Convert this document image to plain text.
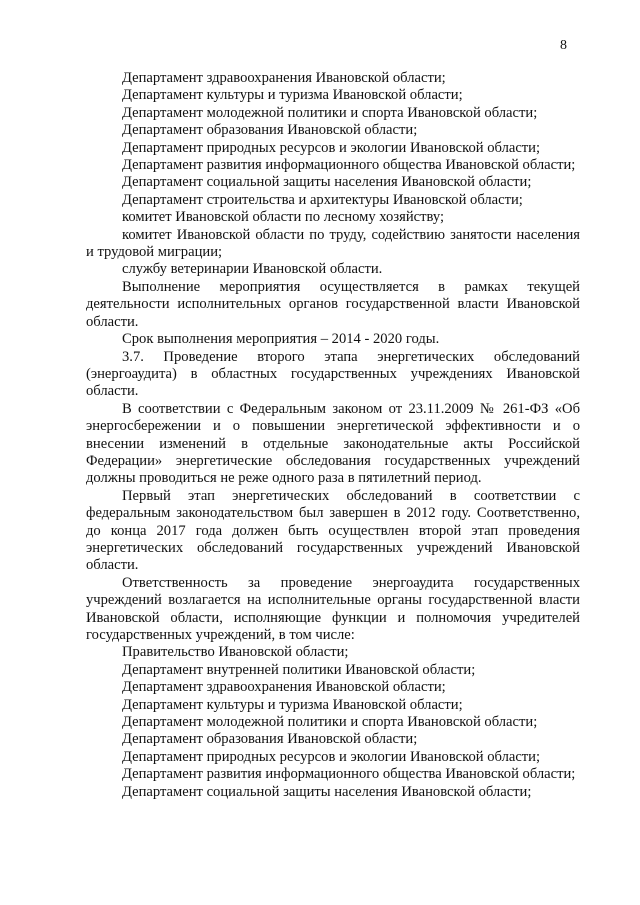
8

Департамент здравоохранения Ивановской области;

Департамент культуры и туризма Ивановской области;

Департамент молодежной политики и спорта Ивановской области;

Департамент образования Ивановской области;

Департамент природных ресурсов и экологии Ивановской области;

Департамент развития информационного общества Ивановской области;

Департамент социальной защиты населения Ивановской области;

Департамент строительства и архитектуры Ивановской области;

комитет Ивановской области по лесному хозяйству;

комитет Ивановской области по труду, содействию занятости населения и трудовой миграции;

службу ветеринарии Ивановской области.

Выполнение мероприятия осуществляется в рамках текущей деятельности исполнительных органов государственной власти Ивановской области.

Срок выполнения мероприятия – 2014 - 2020 годы.

3.7. Проведение второго этапа энергетических обследований (энергоаудита) в областных государственных учреждениях Ивановской области.

В соответствии с Федеральным законом от 23.11.2009 № 261-ФЗ «Об энергосбережении и о повышении энергетической эффективности и о внесении изменений в отдельные законодательные акты Российской Федерации» энергетические обследования государственных учреждений должны проводиться не реже одного раза в пятилетний период.

Первый этап энергетических обследований в соответствии с федеральным законодательством был завершен в 2012 году. Соответственно, до конца 2017 года должен быть осуществлен второй этап проведения энергетических обследований государственных учреждений Ивановской области.

Ответственность за проведение энергоаудита государственных учреждений возлагается на исполнительные органы государственной власти Ивановской области, исполняющие функции и полномочия учредителей государственных учреждений, в том числе:

Правительство Ивановской области;

Департамент внутренней политики Ивановской области;

Департамент здравоохранения Ивановской области;

Департамент культуры и туризма Ивановской области;

Департамент молодежной политики и спорта Ивановской области;

Департамент образования Ивановской области;

Департамент природных ресурсов и экологии Ивановской области;

Департамент развития информационного общества Ивановской области;

Департамент социальной защиты населения Ивановской области;
